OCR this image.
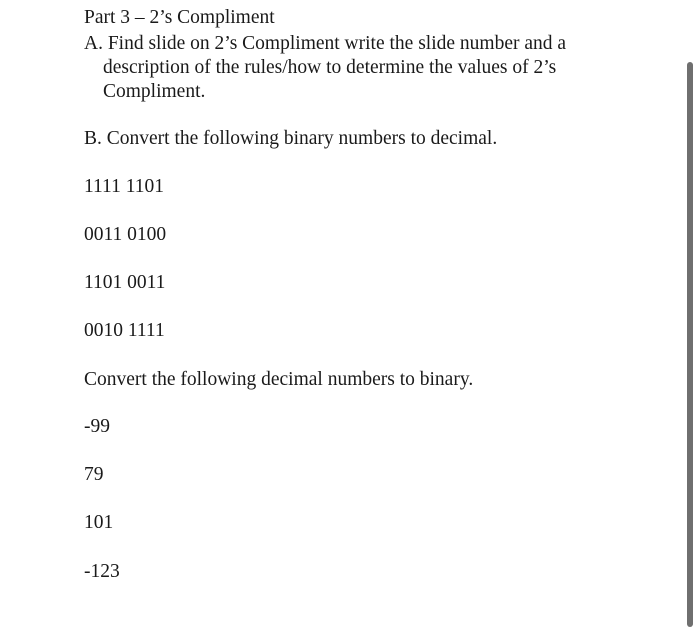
Part 3 – 2’s Compliment
A. Find slide on 2’s Compliment write the slide number and a
description of the rules/how to determine the values of 2’s
Compliment.
B. Convert the following binary numbers to decimal.
1111 1101
0011 0100
1101 0011
0010 1111
Convert the following decimal numbers to binary.
-99
79
101
-123
